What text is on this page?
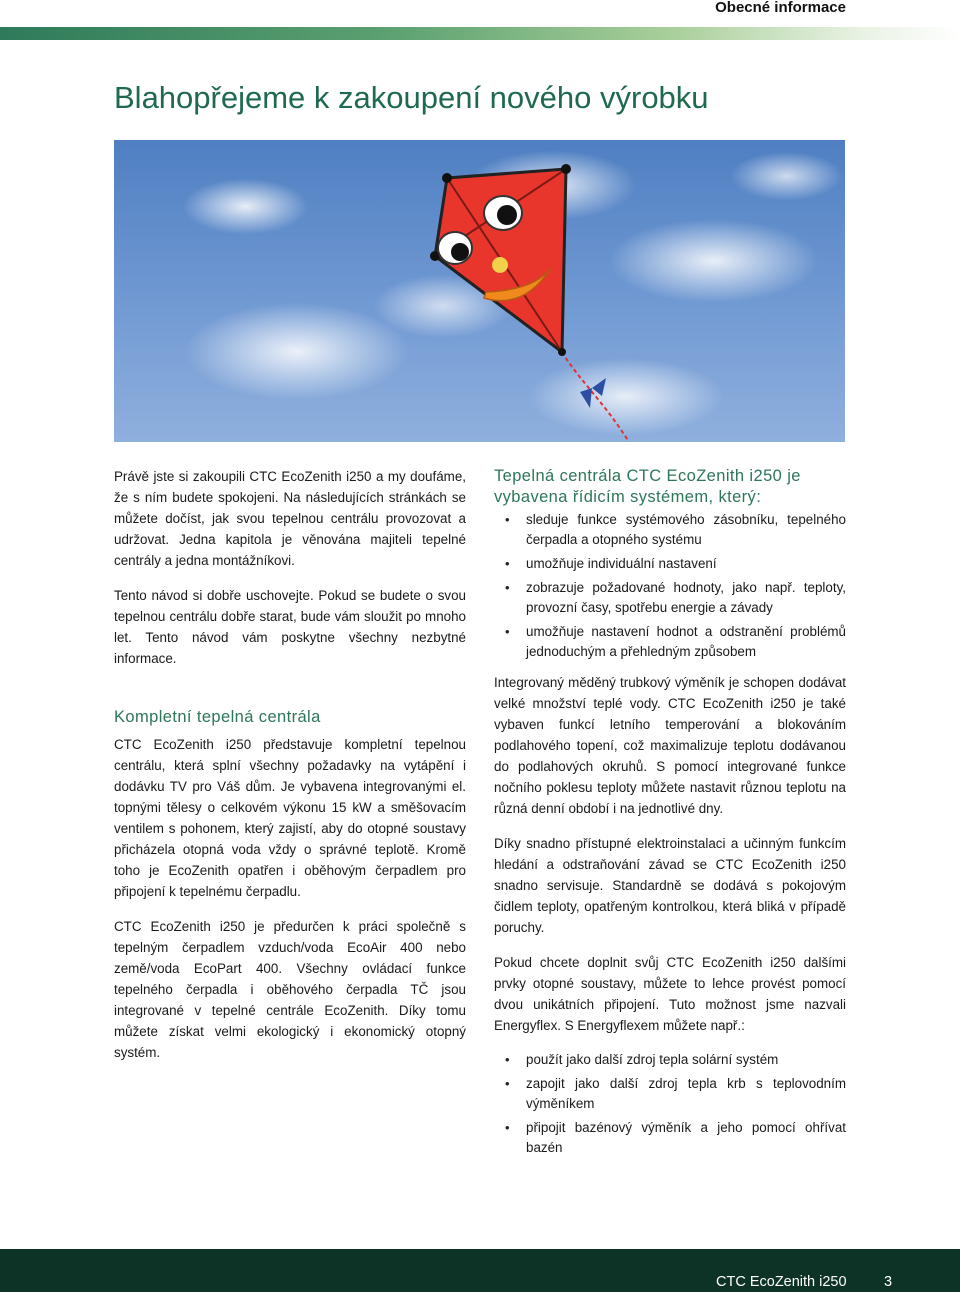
Obecné informace
Blahopřejeme k zakoupení nového výrobku

Právě jste si zakoupili CTC EcoZenith i250 a my doufáme, že s ním budete spokojeni. Na následujících stránkách se můžete dočíst, jak svou tepelnou centrálu provozovat a udržovat. Jedna kapitola je věnována majiteli tepelné centrály a jedna montážníkovi.

Tento návod si dobře uschovejte. Pokud se budete o svou tepelnou centrálu dobře starat, bude vám sloužit po mnoho let. Tento návod vám poskytne všechny nezbytné informace.

Kompletní tepelná centrála

CTC EcoZenith i250 představuje kompletní tepelnou centrálu, která splní všechny požadavky na vytápění i dodávku TV pro Váš dům. Je vybavena integrovanými el. topnými tělesy o celkovém výkonu 15 kW a směšovacím ventilem s pohonem, který zajistí, aby do otopné soustavy přicházela otopná voda vždy o správné teplotě. Kromě toho je EcoZenith opatřen i oběhovým čerpadlem pro připojení k tepelnému čerpadlu.

CTC EcoZenith i250 je předurčen k práci společně s tepelným čerpadlem vzduch/voda EcoAir 400 nebo země/voda EcoPart 400. Všechny ovládací funkce tepelného čerpadla i oběhového čerpadla TČ jsou integrované v tepelné centrále EcoZenith. Díky tomu můžete získat velmi ekologický i ekonomický otopný systém.

Tepelná centrála CTC EcoZenith i250 je vybavena řídicím systémem, který:
• sleduje funkce systémového zásobníku, tepelného čerpadla a otopného systému
• umožňuje individuální nastavení
• zobrazuje požadované hodnoty, jako např. teploty, provozní časy, spotřebu energie a závady
• umožňuje nastavení hodnot a odstranění problémů jednoduchým a přehledným způsobem

Integrovaný měděný trubkový výměník je schopen dodávat velké množství teplé vody. CTC EcoZenith i250 je také vybaven funkcí letního temperování a blokováním podlahového topení, což maximalizuje teplotu dodávanou do podlahových okruhů. S pomocí integrované funkce nočního poklesu teploty můžete nastavit různou teplotu na různá denní období i na jednotlivé dny.

Díky snadno přístupné elektroinstalaci a učinným funkcím hledání a odstraňování závad se CTC EcoZenith i250 snadno servisuje. Standardně se dodává s pokojovým čidlem teploty, opatřeným kontrolkou, která bliká v případě poruchy.

Pokud chcete doplnit svůj CTC EcoZenith i250 dalšími prvky otopné soustavy, můžete to lehce provést pomocí dvou unikátních připojení. Tuto možnost jsme nazvali Energyflex. S Energyflexem můžete např.:

• použít jako další zdroj tepla solární systém
• zapojit jako další zdroj tepla krb s teplovodním výměníkem
• připojit bazénový výměník a jeho pomocí ohřívat bazén
CTC EcoZenith i250	3
